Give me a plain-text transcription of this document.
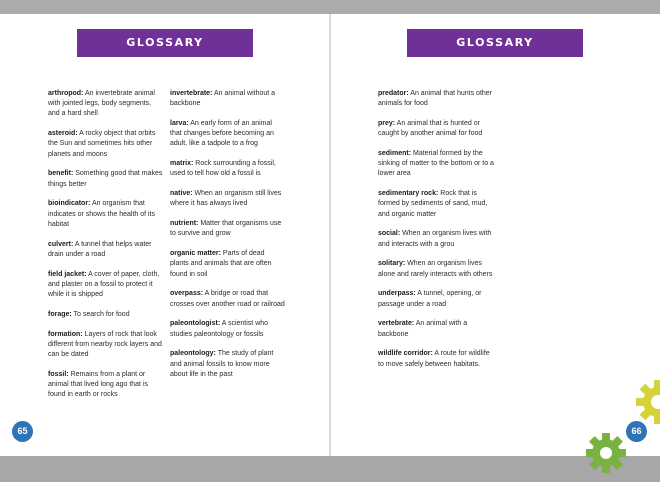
GLOSSARY	GLOSSARY

arthropod: An invertebrate animal with jointed legs, body segments, and a hard shell

asteroid: A rocky object that orbits the Sun and sometimes hits other planets and moons

benefit: Something good that makes things better

bioindicator: An organism that indicates or shows the health of its habitat

culvert: A tunnel that helps water drain under a road

field jacket: A cover of paper, cloth, and plaster on a fossil to protect it while it is shipped

forage: To search for food

formation: Layers of rock that look different from nearby rock layers and can be dated

fossil: Remains from a plant or animal that lived long ago that is found in earth or rocks

invertebrate: An animal without a backbone

larva: An early form of an animal that changes before becoming an adult, like a tadpole to a frog

matrix: Rock surrounding a fossil, used to tell how old a fossil is

native: When an organism still lives where it has always lived

nutrient: Matter that organisms use to survive and grow

organic matter: Parts of dead plants and animals that are often found in soil

overpass: A bridge or road that crosses over another road or railroad

paleontologist: A scientist who studies paleontology or fossils

paleontology: The study of plant and animal fossils to know more about life in the past

predator: An animal that hunts other animals for food

prey: An animal that is hunted or caught by another animal for food

sediment: Material formed by the sinking of matter to the bottom or to a lower area

sedimentary rock: Rock that is formed by sediments of sand, mud, and organic matter

social: When an organism lives with and interacts with a grou

solitary: When an organism lives alone and rarely interacts with others

underpass: A tunnel, opening, or passage under a road

vertebrate: An animal with a backbone

wildlife corridor: A route for wildlife to move safely between habitats.

65	66
